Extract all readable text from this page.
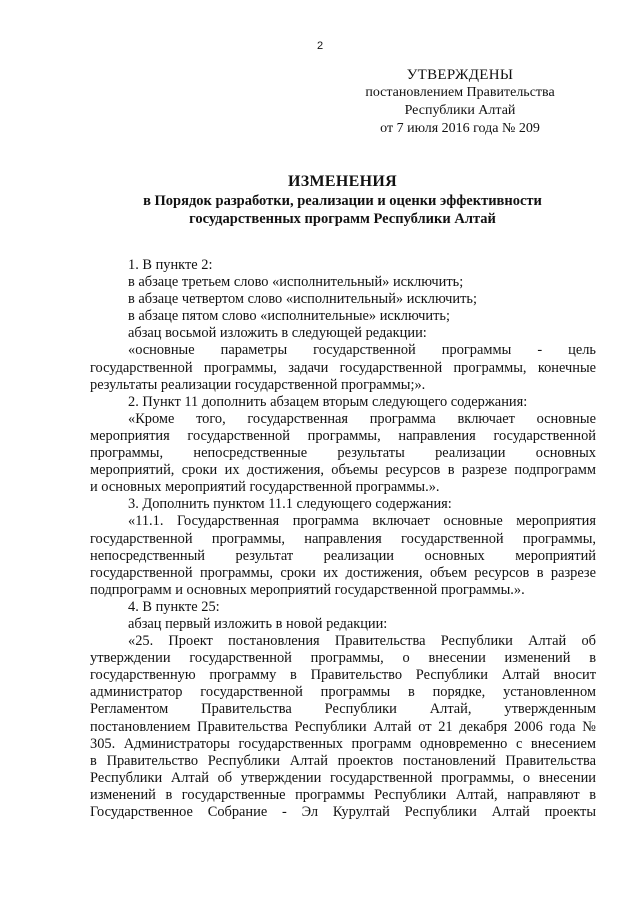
2
УТВЕРЖДЕНЫ
постановлением Правительства
Республики Алтай
от 7 июля 2016 года № 209
ИЗМЕНЕНИЯ
в Порядок разработки, реализации и оценки эффективности
государственных программ Республики Алтай
1. В пункте 2:
в абзаце третьем слово «исполнительный» исключить;
в абзаце четвертом слово «исполнительный» исключить;
в абзаце пятом слово «исполнительные» исключить;
абзац восьмой изложить в следующей редакции:
«основные параметры государственной программы - цель
государственной программы, задачи государственной программы, конечные
результаты реализации государственной программы;».
2. Пункт 11 дополнить абзацем вторым следующего содержания:
«Кроме того, государственная программа включает основные
мероприятия государственной программы, направления государственной
программы, непосредственные результаты реализации основных
мероприятий, сроки их достижения, объемы ресурсов в разрезе подпрограмм
и основных мероприятий государственной программы.».
3. Дополнить пунктом 11.1 следующего содержания:
«11.1. Государственная программа включает основные мероприятия
государственной программы, направления государственной программы,
непосредственный результат реализации основных мероприятий
государственной программы, сроки их достижения, объем ресурсов в разрезе
подпрограмм и основных мероприятий государственной программы.».
4. В пункте 25:
абзац первый изложить в новой редакции:
«25. Проект постановления Правительства Республики Алтай об
утверждении государственной программы, о внесении изменений в
государственную программу в Правительство Республики Алтай вносит
администратор государственной программы в порядке, установленном
Регламентом Правительства Республики Алтай, утвержденным
постановлением Правительства Республики Алтай от 21 декабря 2006 года №
305. Администраторы государственных программ одновременно с внесением
в Правительство Республики Алтай проектов постановлений Правительства
Республики Алтай об утверждении государственной программы, о внесении
изменений в государственные программы Республики Алтай, направляют в
Государственное Собрание - Эл Курултай Республики Алтай проекты
